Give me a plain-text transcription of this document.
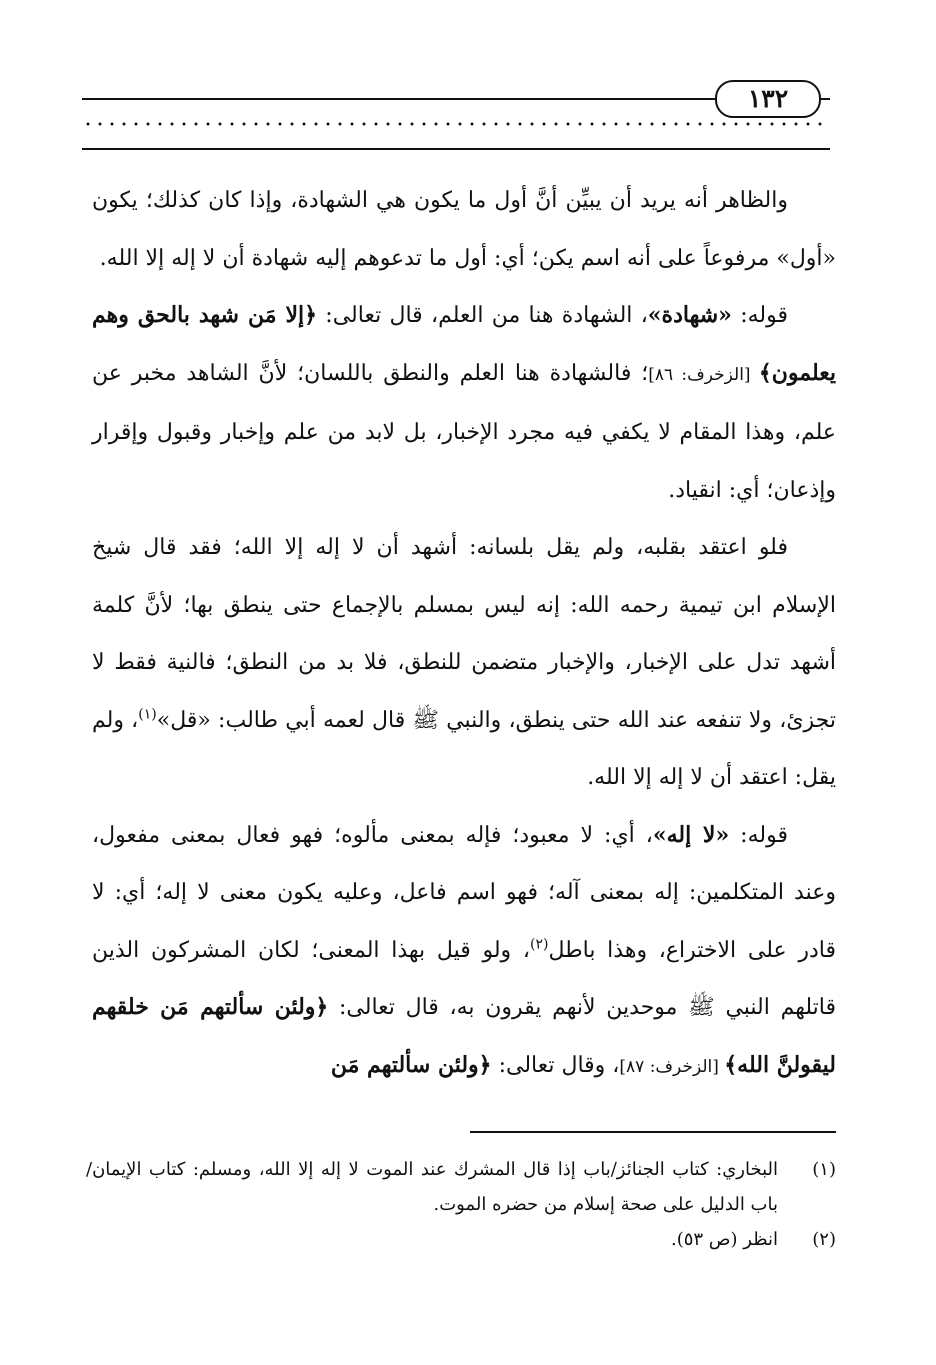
١٣٢

والظاهر أنه يريد أن يبيِّن أنَّ أول ما يكون هي الشهادة، وإذا كان كذلك؛ يكون «أول» مرفوعاً على أنه اسم يكن؛ أي: أول ما تدعوهم إليه شهادة أن لا إله إلا الله.

قوله: «شهادة»، الشهادة هنا من العلم، قال تعالى: ﴿إلا مَن شهد بالحق وهم يعلمون﴾ [الزخرف: ٨٦]؛ فالشهادة هنا العلم والنطق باللسان؛ لأنَّ الشاهد مخبر عن علم، وهذا المقام لا يكفي فيه مجرد الإخبار، بل لابد من علم وإخبار وقبول وإقرار وإذعان؛ أي: انقياد.

فلو اعتقد بقلبه، ولم يقل بلسانه: أشهد أن لا إله إلا الله؛ فقد قال شيخ الإسلام ابن تيمية رحمه الله: إنه ليس بمسلم بالإجماع حتى ينطق بها؛ لأنَّ كلمة أشهد تدل على الإخبار، والإخبار متضمن للنطق، فلا بد من النطق؛ فالنية فقط لا تجزئ، ولا تنفعه عند الله حتى ينطق، والنبي ﷺ قال لعمه أبي طالب: «قل»$^{(١)}$، ولم يقل: اعتقد أن لا إله إلا الله.

قوله: «لا إله»، أي: لا معبود؛ فإله بمعنى مألوه؛ فهو فعال بمعنى مفعول، وعند المتكلمين: إله بمعنى آله؛ فهو اسم فاعل، وعليه يكون معنى لا إله؛ أي: لا قادر على الاختراع، وهذا باطل$^{(٢)}$، ولو قيل بهذا المعنى؛ لكان المشركون الذين قاتلهم النبي ﷺ موحدين لأنهم يقرون به، قال تعالى: ﴿ولئن سألتهم مَن خلقهم ليقولنَّ الله﴾ [الزخرف: ٨٧]، وقال تعالى: ﴿ولئن سألتهم مَن

(١)
البخاري: كتاب الجنائز/باب إذا قال المشرك عند الموت لا إله إلا الله، ومسلم: كتاب الإيمان/باب الدليل على صحة إسلام من حضره الموت.
(٢)
انظر (ص ٥٣).
